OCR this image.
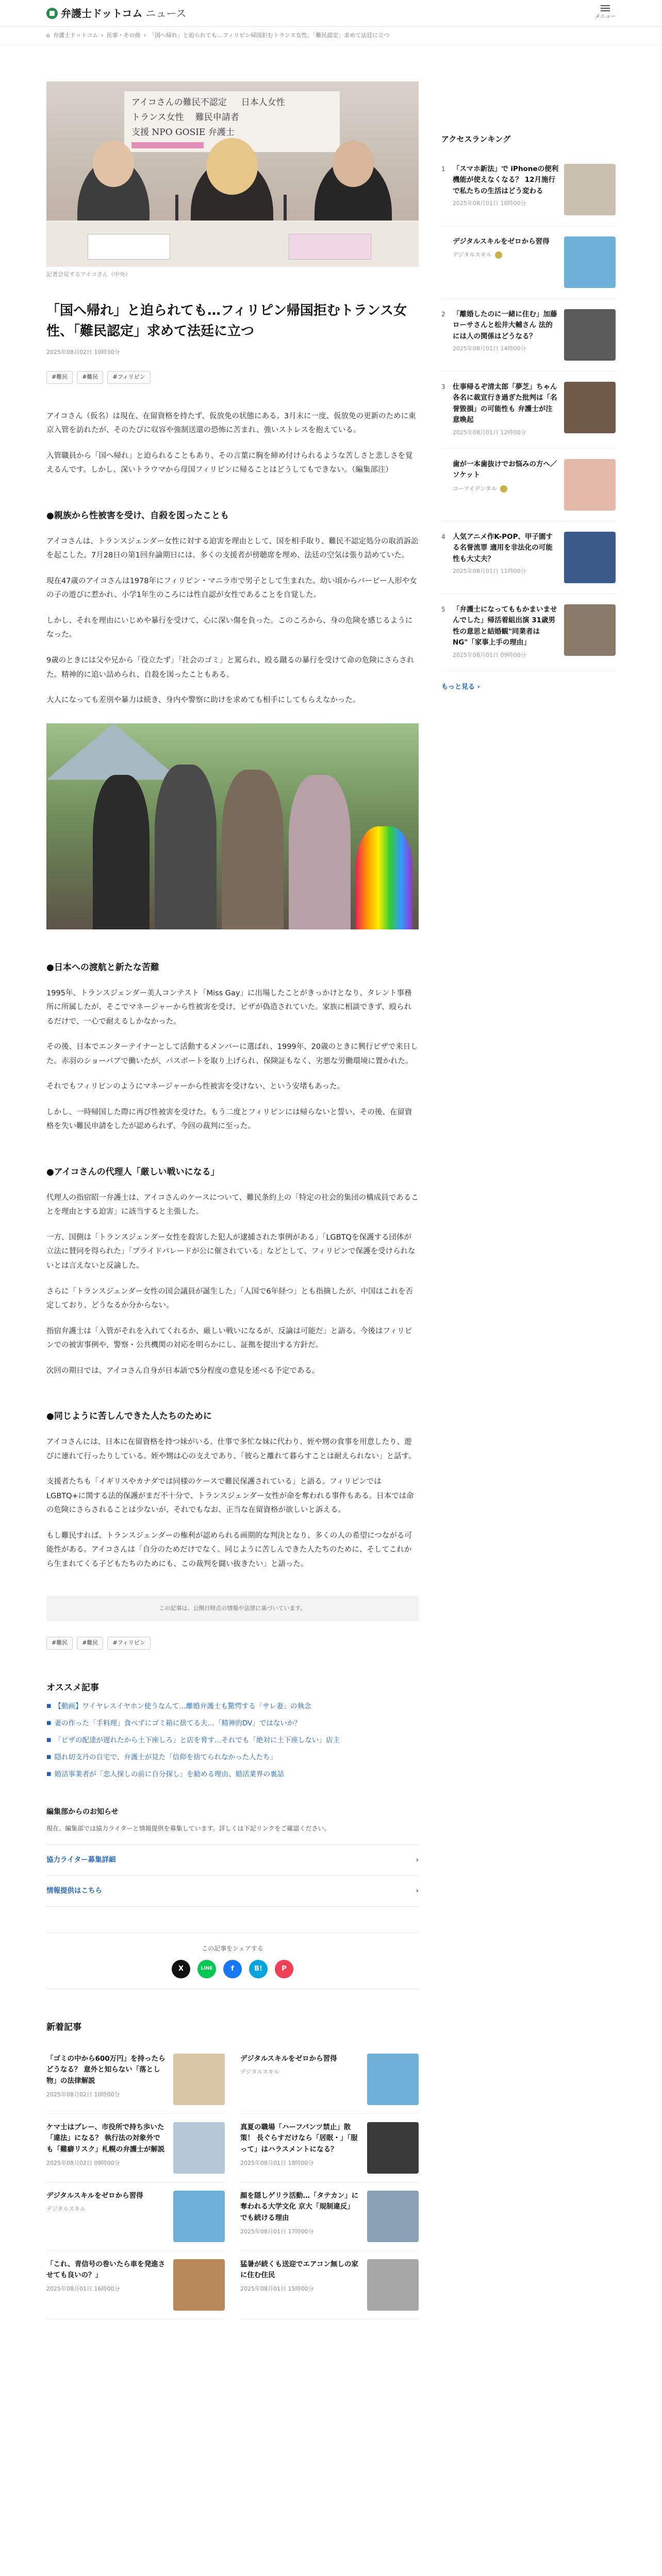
弁護士ドットコム ニュース	メニュー
⌂ 弁護士ドットコム › 民事・その他 › 「国へ帰れ」と迫られても…フィリピン帰国拒むトランス女性、「難民認定」求めて法廷に立つ
アイコさんの難民不認定 　 日本人女性
トランス女性 　難民申請者
支援 NPO GOSIE 弁護士
記者会見するアイコさん（中央）
「国へ帰れ」と迫られても…フィリピン帰国拒むトランス女性、「難民認定」求めて法廷に立つ
2025年08月02日 10時30分
#難民	#難民	#フィリピン

アイコさん（仮名）は現在、在留資格を持たず、仮放免の状態にある。3月末に一度、仮放免の更新のために東京入管を訪れたが、そのたびに収容や強制送還の恐怖に苦まれ、強いストレスを抱えている。

入管職員から「国へ帰れ」と迫られることもあり、その言葉に胸を締め付けられるような苦しさと悲しさを覚えるんです。しかし、深いトラウマから母国フィリピンに帰ることはどうしてもできない。（編集部注）

●親族から性被害を受け、自殺を図ったことも

アイコさんは、トランスジェンダー女性に対する迫害を理由として、国を相手取り、難民不認定処分の取消訴訟を起こした。7月28日の第1回弁論期日には、多くの支援者が傍聴席を埋め、法廷の空気は張り詰めていた。

現在47歳のアイコさんは1978年にフィリピン・マニラ市で男子として生まれた。幼い頃からバービー人形や女の子の遊びに惹かれ、小学1年生のころには性自認が女性であることを自覚した。

しかし、それを理由にいじめや暴行を受けて、心に深い傷を負った。このころから、身の危険を感じるようになった。

9歳のときには父や兄から「役立たず」「社会のゴミ」と罵られ、殴る蹴るの暴行を受けて命の危険にさらされた。精神的に追い詰められ、自殺を図ったこともある。

大人になっても差別や暴力は続き、身内や警察に助けを求めても相手にしてもらえなかった。

●日本への渡航と新たな苦難

1995年、トランスジェンダー美人コンテスト「Miss Gay」に出場したことがきっかけとなり、タレント事務所に所属したが、そこでマネージャーから性被害を受け、ビザが偽造されていた。家族に相談できず、殴られるだけで、一心で耐えるしかなかった。

その後、日本でエンターテイナーとして活動するメンバーに選ばれ、1999年、20歳のときに興行ビザで来日した。赤羽のショーパブで働いたが、パスポートを取り上げられ、保険証もなく、劣悪な労働環境に置かれた。

それでもフィリピンのようにマネージャーから性被害を受けない、という安堵もあった。

しかし、一時帰国した際に再び性被害を受けた。もう二度とフィリピンには帰らないと誓い、その後、在留資格を失い難民申請をしたが認められず、今回の裁判に至った。

●アイコさんの代理人「厳しい戦いになる」

代理人の指宿昭一弁護士は、アイコさんのケースについて、難民条約上の「特定の社会的集団の構成員であることを理由とする迫害」に該当すると主張した。

一方、国側は「トランスジェンダー女性を殺害した犯人が逮捕された事例がある」「LGBTQを保護する団体が立法に賛同を得られた」「プライドパレードが公に催されている」などとして、フィリピンで保護を受けられないとは言えないと反論した。

さらに「トランスジェンダー女性の国会議員が誕生した」「人国で6年経つ」とも指摘したが、中国はこれを否定しており、どうなるか分からない。

指宿弁護士は「入管がそれを入れてくれるか、厳しい戦いになるが、反論は可能だ」と語る。今後はフィリピンでの被害事例や、警察・公共機関の対応を明らかにし、証拠を提出する方針だ。

次回の期日では、アイコさん自身が日本語で5分程度の意見を述べる予定である。

●同じように苦しんできた人たちのために

アイコさんには、日本に在留資格を持つ妹がいる。仕事で多忙な妹に代わり、姪や甥の食事を用意したり、遊びに連れて行ったりしている。姪や甥は心の支えであり、「彼らと離れて暮らすことは耐えられない」と話す。

支援者たちも「イギリスやカナダでは同様のケースで難民保護されている」と語る。フィリピンではLGBTQ+に関する法的保護がまだ不十分で、トランスジェンダー女性が命を奪われる事件もある。日本では命の危険にさらされることは少ないが、それでもなお、正当な在留資格が欲しいと訴える。

もし難民すれば、トランスジェンダーの権利が認められる画期的な判決となり、多くの人の希望につながる可能性がある。アイコさんは「自分のためだけでなく、同じように苦しんできた人たちのために、そしてこれから生まれてくる子どもたちのためにも、この裁判を闘い抜きたい」と語った。

この記事は、公開日時点の情報や法律に基づいています。
#難民	#難民	#フィリピン
オススメ記事
■ 【動画】ワイヤレスイヤホン使うなんて…離婚弁護士も驚愕する「サレ妻」の執念
■ 妻の作った「手料理」食べずにゴミ箱に捨てる夫…「精神的DV」ではないか？
■ 「ピザの配達が遅れたから土下座しろ」と店を脅す…それでも「絶対に土下座しない」店主
■ 隠れ切支丹の自宅で、弁護士が見た「信仰を捨てられなかった人たち」
■ 婚活事業者が「恋人探しの前に自分探し」を勧める理由、婚活業界の裏話
編集部からのお知らせ
現在、編集部では協力ライターと情報提供を募集しています。詳しくは下記リンクをご確認ください。
協力ライター募集詳細	›
情報提供はこちら	›
この記事をシェアする
X	LINE	f	B!	P
新着記事
「ゴミの中から600万円」を持ったらどうなる？ 意外と知らない「落とし物」の法律解説
2025年08月02日 10時00分
デジタルスキルをゼロから習得
デジタルスキル
ケマ士はプレー、市役所で持ち歩いた「違法」になる？ 執行法の対象外でも「難癖リスク」札幌の弁護士が解説
2025年08月02日 09時00分
真夏の職場「ハーフパンツ禁止」散策！ 長ぐらすだけなら「居眠・」「服って」はハラスメントになる？
2025年08月01日 18時00分
デジタルスキルをゼロから習得
デジタルスキル
顔を隠しゲリラ活動…「タテカン」に奪われる大学文化 京大「規制違反」でも続ける理由
2025年08月01日 17時00分
「これ、青信号の巻いたら車を発進させても良いの？」
2025年08月01日 16時00分
猛暑が続くも送迎でエアコン無しの家に住む住民
2025年08月01日 15時00分
アクセスランキング
1	「スマホ新法」で iPhoneの便利機能が使えなくなる？ 12月施行で私たちの生活はどう変わる
2025年08月01日 10時00分
デジタルスキルをゼロから習得
デジタルスキル
2	「離婚したのに一緒に住む」加藤ローサさんと松井大輔さん 法的には人の関係はどうなる？
2025年08月01日 14時00分
3	仕事帰るぞ清太郎「夢芝」ちゃん各名に裁宣行き過ぎた批判は「名誉毀損」の可能性も 弁護士が注意喚起
2025年08月01日 12時00分
歯が一本歯抜けでお悩みの方へ／ソケット
ユーアイデンタル
4	人気アニメ作K-POP、甲子園する名誉流罪 適用を非法化の可能性も大丈夫？
2025年08月01日 11時00分
5	「弁護士になってももかまいませんでした」帰活着組出演 31歳男性の意思と結婚観"同業者はNG"「家事上手の理由」
2025年08月01日 09時00分
もっと見る ›
